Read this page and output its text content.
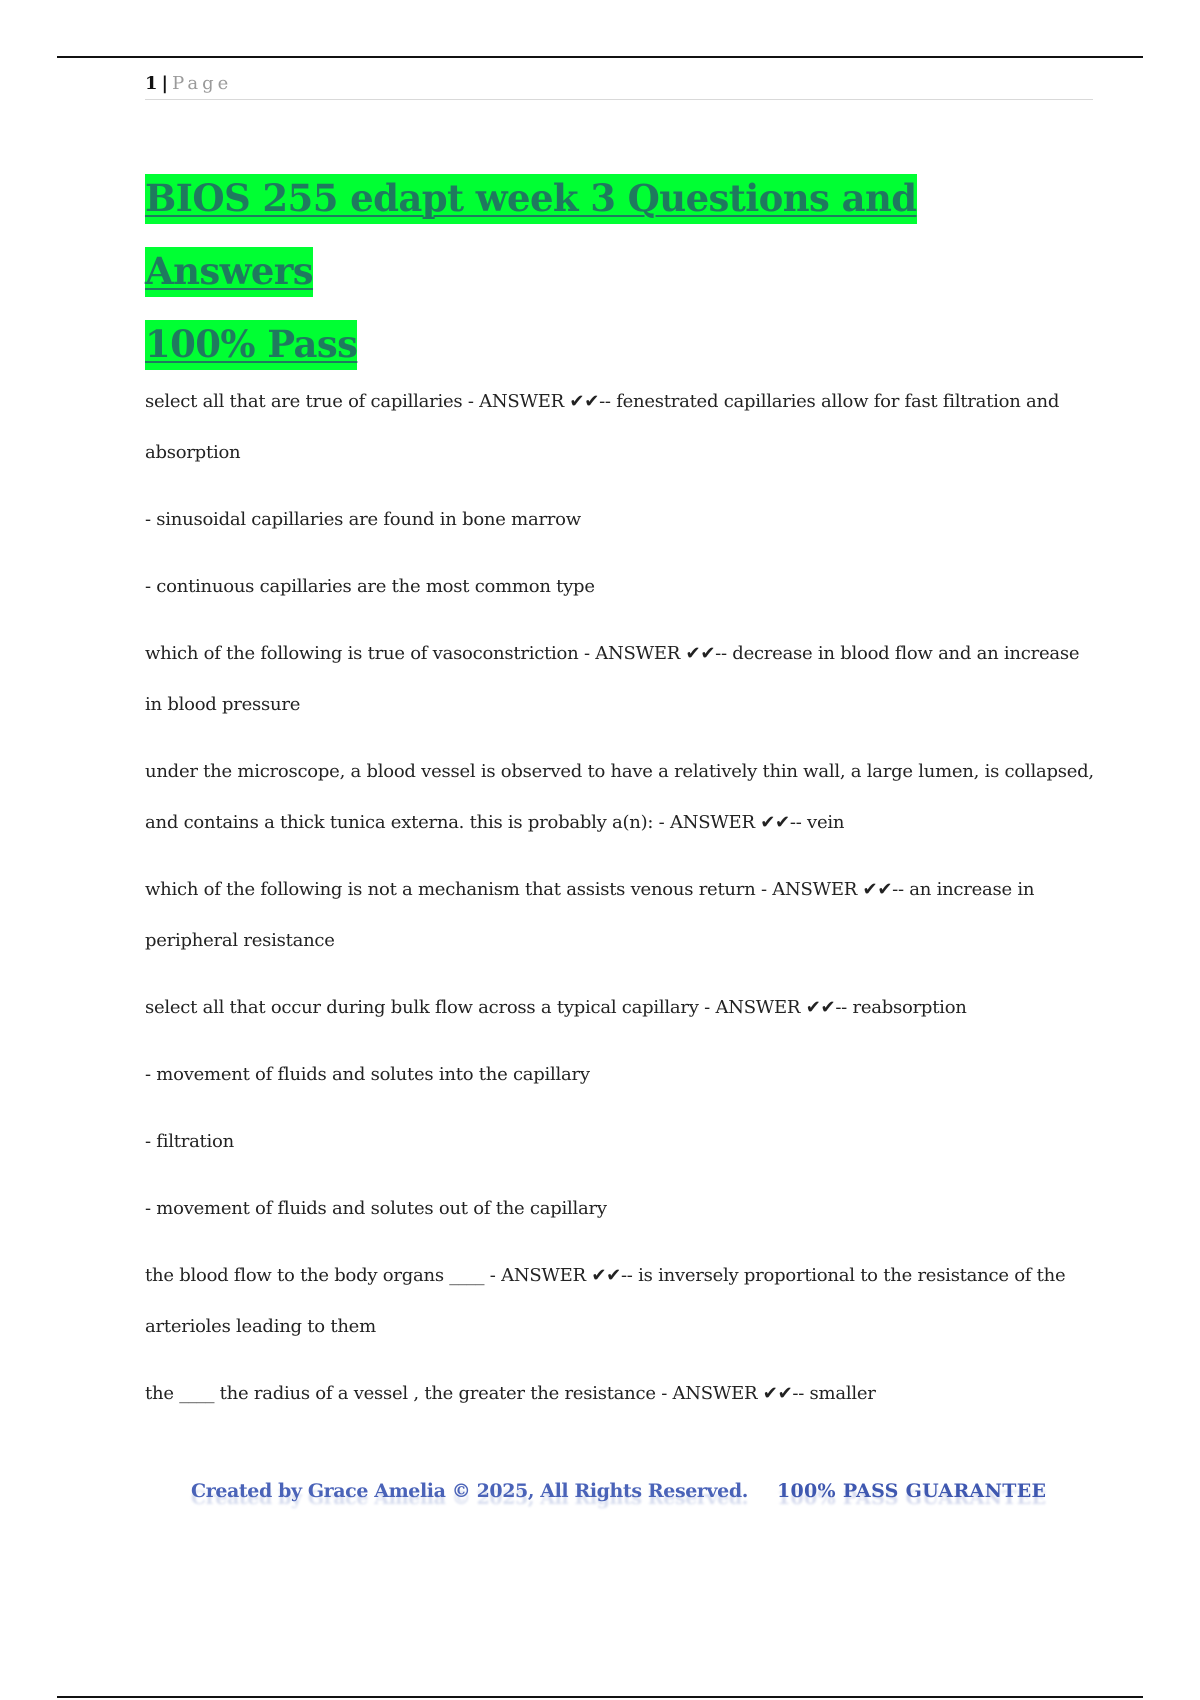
1 | Page
BIOS 255 edapt week 3 Questions and Answers
100% Pass

select all that are true of capillaries - ANSWER ✔✔-- fenestrated capillaries allow for fast filtration and absorption

- sinusoidal capillaries are found in bone marrow

- continuous capillaries are the most common type

which of the following is true of vasoconstriction - ANSWER ✔✔-- decrease in blood flow and an increase in blood pressure

under the microscope, a blood vessel is observed to have a relatively thin wall, a large lumen, is collapsed, and contains a thick tunica externa. this is probably a(n): - ANSWER ✔✔-- vein

which of the following is not a mechanism that assists venous return - ANSWER ✔✔-- an increase in peripheral resistance

select all that occur during bulk flow across a typical capillary - ANSWER ✔✔-- reabsorption

- movement of fluids and solutes into the capillary

- filtration

- movement of fluids and solutes out of the capillary

the blood flow to the body organs ____ - ANSWER ✔✔-- is inversely proportional to the resistance of the arterioles leading to them

the ____ the radius of a vessel , the greater the resistance - ANSWER ✔✔-- smaller

Created by Grace Amelia © 2025, All Rights Reserved. 100% PASS GUARANTEE
